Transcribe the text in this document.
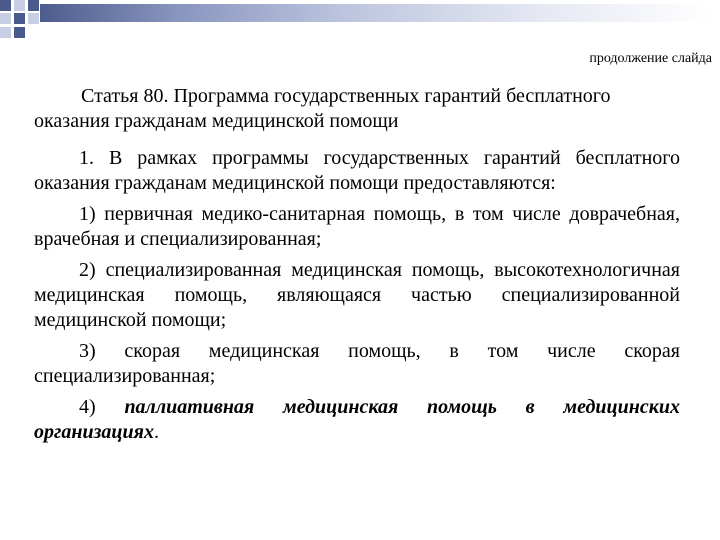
продолжение слайда

Статья 80. Программа государственных гарантий бесплатного оказания гражданам медицинской помощи

1. В рамках программы государственных гарантий бесплатного оказания гражданам медицинской помощи предоставляются:

1) первичная медико-санитарная помощь, в том числе доврачебная, врачебная и специализированная;

2) специализированная медицинская помощь, высокотехнологичная медицинская помощь, являющаяся частью специализированной медицинской помощи;

3) скорая медицинская помощь, в том числе скорая специализированная;

4) паллиативная медицинская помощь в медицинских организациях.
